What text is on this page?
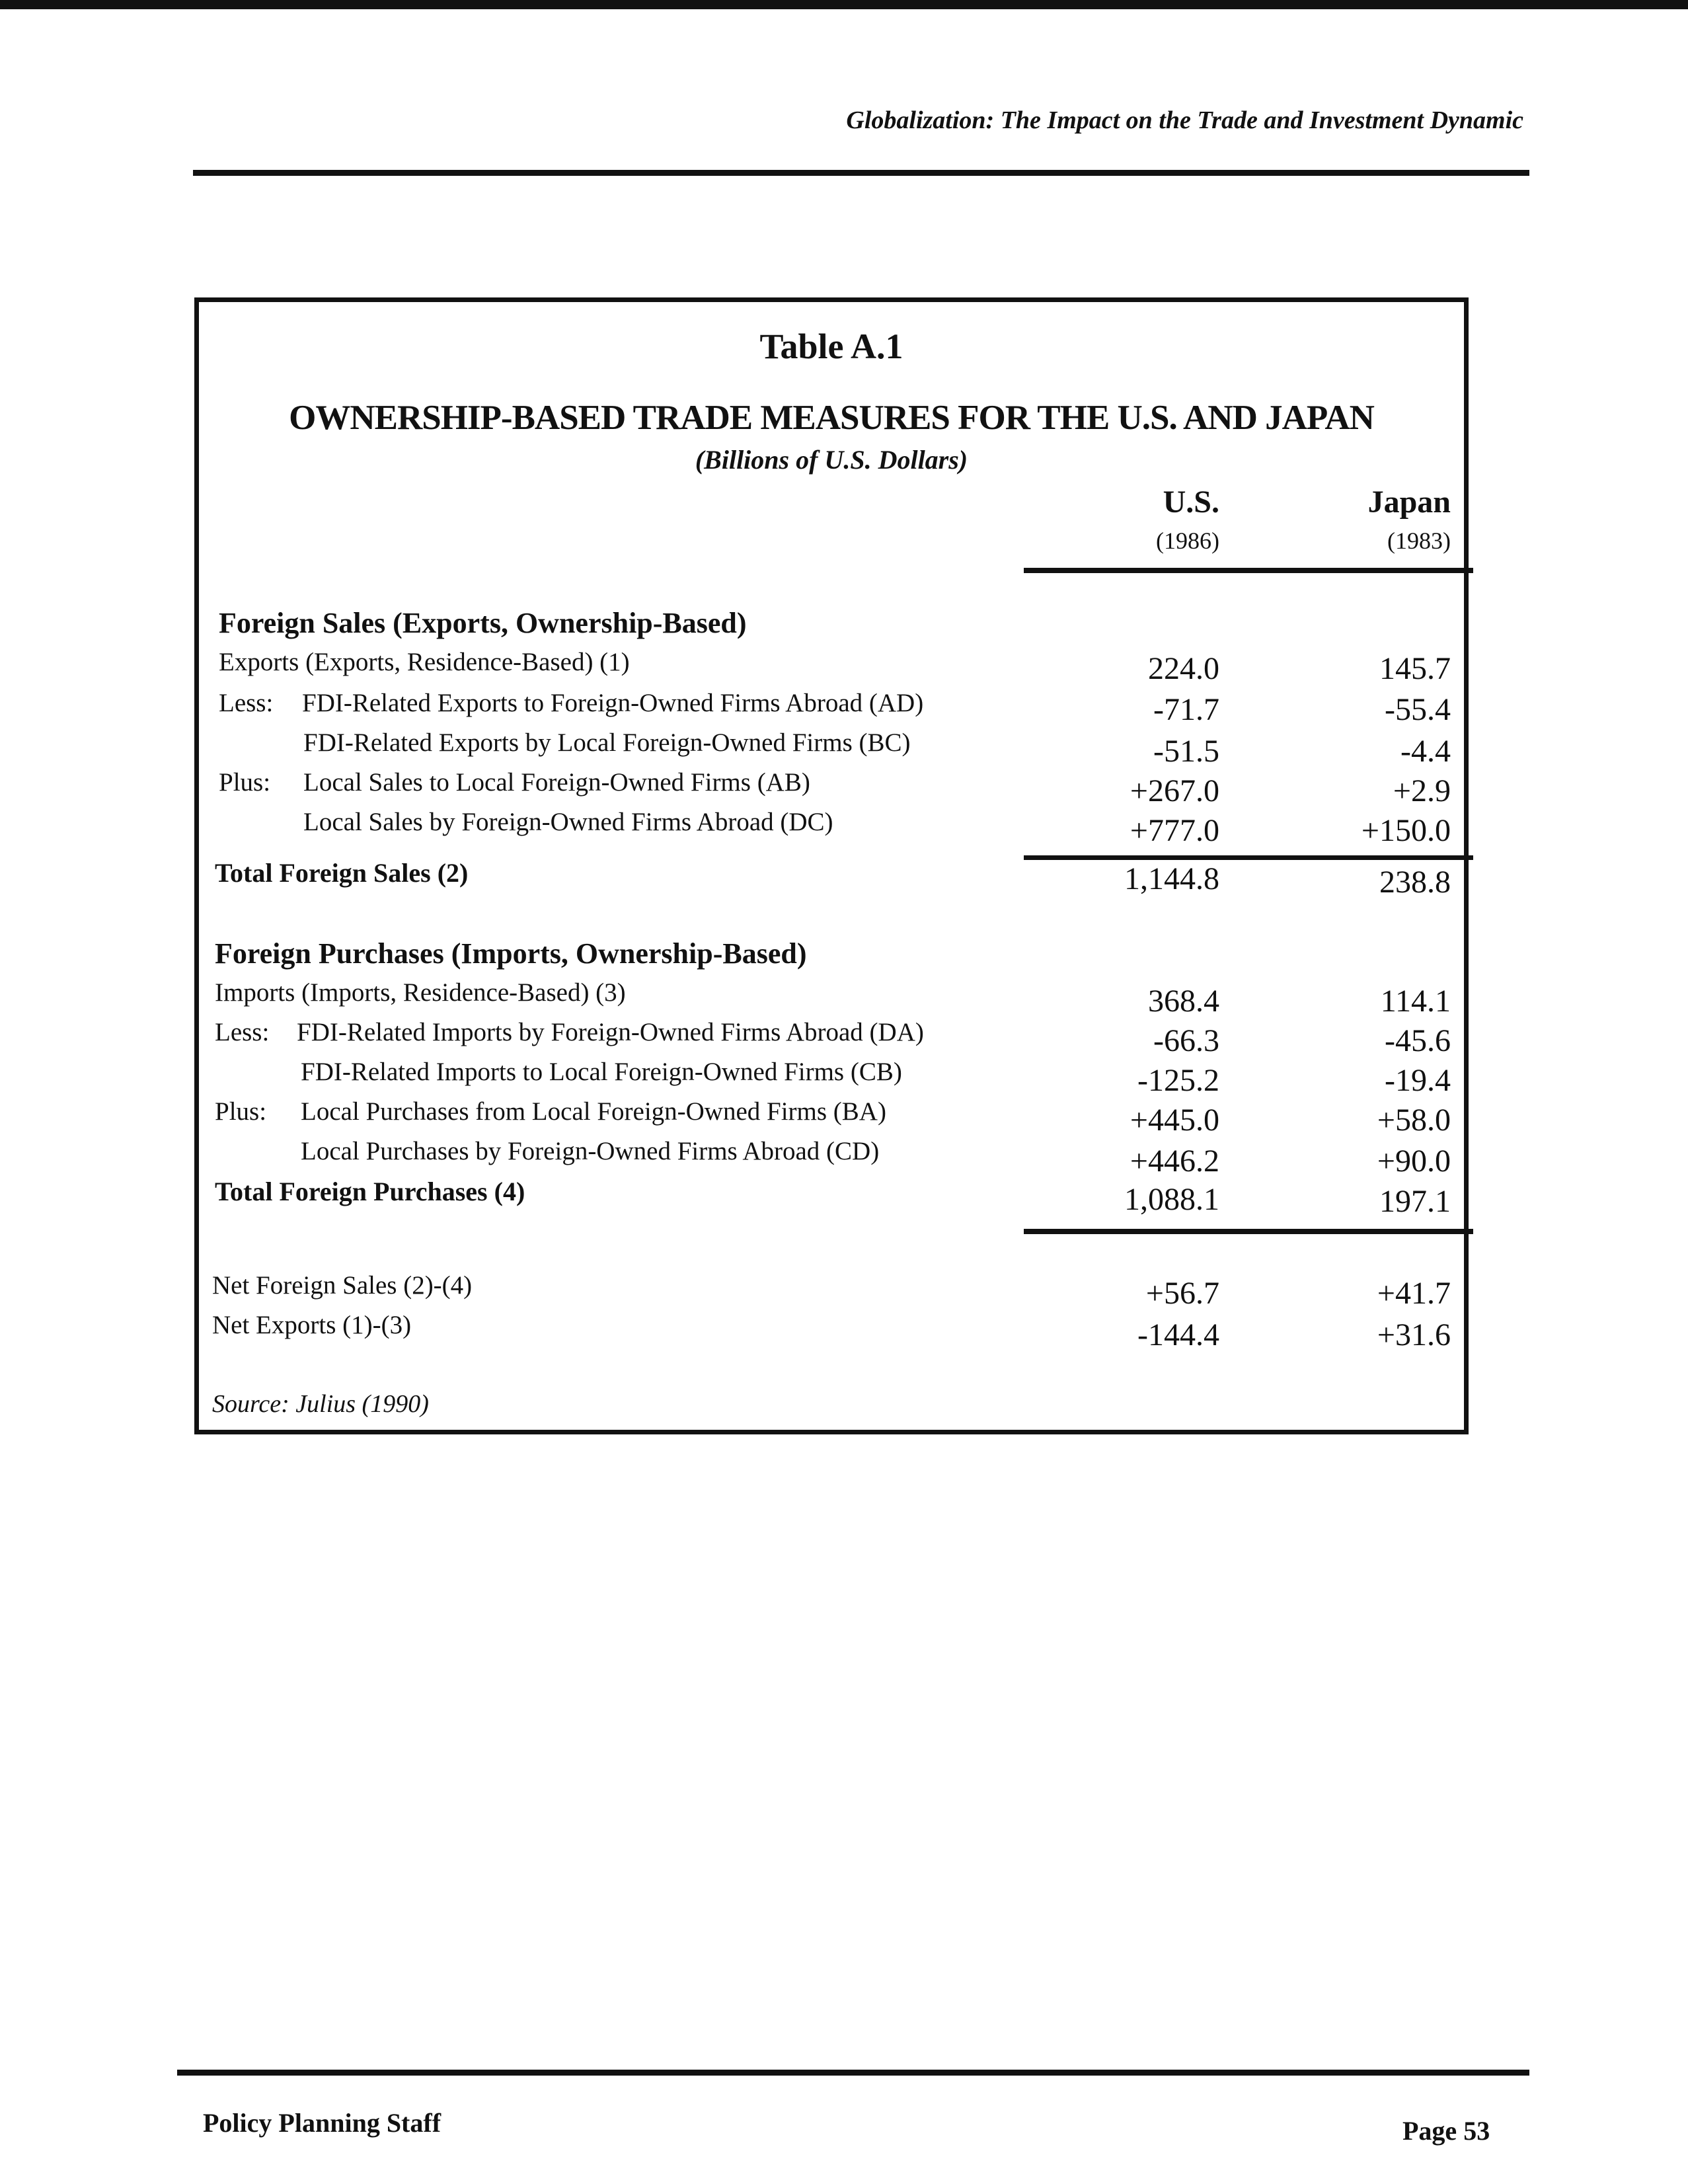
Globalization: The Impact on the Trade and Investment Dynamic
Table A.1
OWNERSHIP-BASED TRADE MEASURES FOR THE U.S. AND JAPAN
(Billions of U.S. Dollars)
U.S.
(1986)
Japan
(1983)
Foreign Sales (Exports, Ownership-Based)
Exports (Exports, Residence-Based) (1)	224.0	145.7
Less: FDI-Related Exports to Foreign-Owned Firms Abroad (AD)	-71.7	-55.4
FDI-Related Exports by Local Foreign-Owned Firms (BC)	-51.5	-4.4
Plus: Local Sales to Local Foreign-Owned Firms (AB)	+267.0	+2.9
Local Sales by Foreign-Owned Firms Abroad (DC)	+777.0	+150.0
Total Foreign Sales (2)	1,144.8	238.8
Foreign Purchases (Imports, Ownership-Based)
Imports (Imports, Residence-Based) (3)	368.4	114.1
Less: FDI-Related Imports by Foreign-Owned Firms Abroad (DA)	-66.3	-45.6
FDI-Related Imports to Local Foreign-Owned Firms (CB)	-125.2	-19.4
Plus: Local Purchases from Local Foreign-Owned Firms (BA)	+445.0	+58.0
Local Purchases by Foreign-Owned Firms Abroad (CD)	+446.2	+90.0
Total Foreign Purchases (4)	1,088.1	197.1
Net Foreign Sales (2)-(4)	+56.7	+41.7
Net Exports (1)-(3)	-144.4	+31.6
Source: Julius (1990)
Policy Planning Staff	Page 53
